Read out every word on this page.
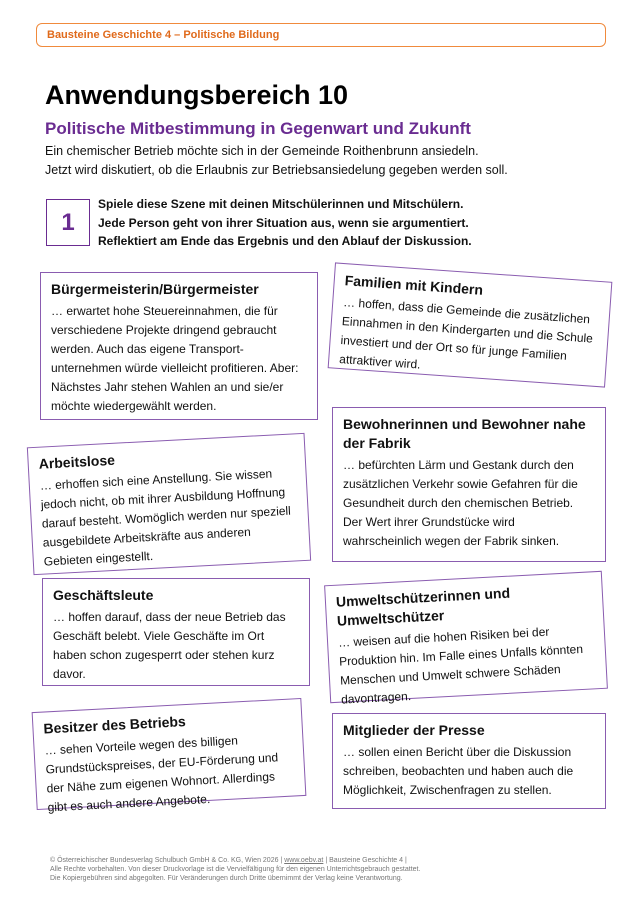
Bausteine Geschichte 4 – Politische Bildung
Anwendungsbereich 10
Politische Mitbestimmung in Gegenwart und Zukunft
Ein chemischer Betrieb möchte sich in der Gemeinde Roithenbrunn ansiedeln.
Jetzt wird diskutiert, ob die Erlaubnis zur Betriebsansiedelung gegeben werden soll.
1
Spiele diese Szene mit deinen Mitschülerinnen und Mitschülern.
Jede Person geht von ihrer Situation aus, wenn sie argumentiert.
Reflektiert am Ende das Ergebnis und den Ablauf der Diskussion.
Bürgermeisterin/Bürgermeister

… erwartet hohe Steuereinnahmen, die für verschiedene Projekte dringend gebraucht werden. Auch das eigene Transport-unternehmen würde vielleicht profitieren. Aber: Nächstes Jahr stehen Wahlen an und sie/er möchte wiedergewählt werden.

Familien mit Kindern

… hoffen, dass die Gemeinde die zusätzlichen Einnahmen in den Kindergarten und die Schule investiert und der Ort so für junge Familien attraktiver wird.

Arbeitslose

… erhoffen sich eine Anstellung. Sie wissen jedoch nicht, ob mit ihrer Ausbildung Hoffnung darauf besteht. Womöglich werden nur speziell ausgebildete Arbeitskräfte aus anderen Gebieten eingestellt.

Bewohnerinnen und Bewohner nahe der Fabrik

… befürchten Lärm und Gestank durch den zusätzlichen Verkehr sowie Gefahren für die Gesundheit durch den chemischen Betrieb. Der Wert ihrer Grundstücke wird wahrscheinlich wegen der Fabrik sinken.

Geschäftsleute

… hoffen darauf, dass der neue Betrieb das Geschäft belebt. Viele Geschäfte im Ort haben schon zugesperrt oder stehen kurz davor.

Umweltschützerinnen und Umweltschützer

… weisen auf die hohen Risiken bei der Produktion hin. Im Falle eines Unfalls könnten Menschen und Umwelt schwere Schäden davontragen.

Besitzer des Betriebs

… sehen Vorteile wegen des billigen Grundstückspreises, der EU-Förderung und der Nähe zum eigenen Wohnort. Allerdings gibt es auch andere Angebote.

Mitglieder der Presse

… sollen einen Bericht über die Diskussion schreiben, beobachten und haben auch die Möglichkeit, Zwischenfragen zu stellen.

© Österreichischer Bundesverlag Schulbuch GmbH & Co. KG, Wien 2026 | www.oebv.at | Bausteine Geschichte 4 |
Alle Rechte vorbehalten. Von dieser Druckvorlage ist die Vervielfältigung für den eigenen Unterrichtsgebrauch gestattet.
Die Kopiergebühren sind abgegolten. Für Veränderungen durch Dritte übernimmt der Verlag keine Verantwortung.
